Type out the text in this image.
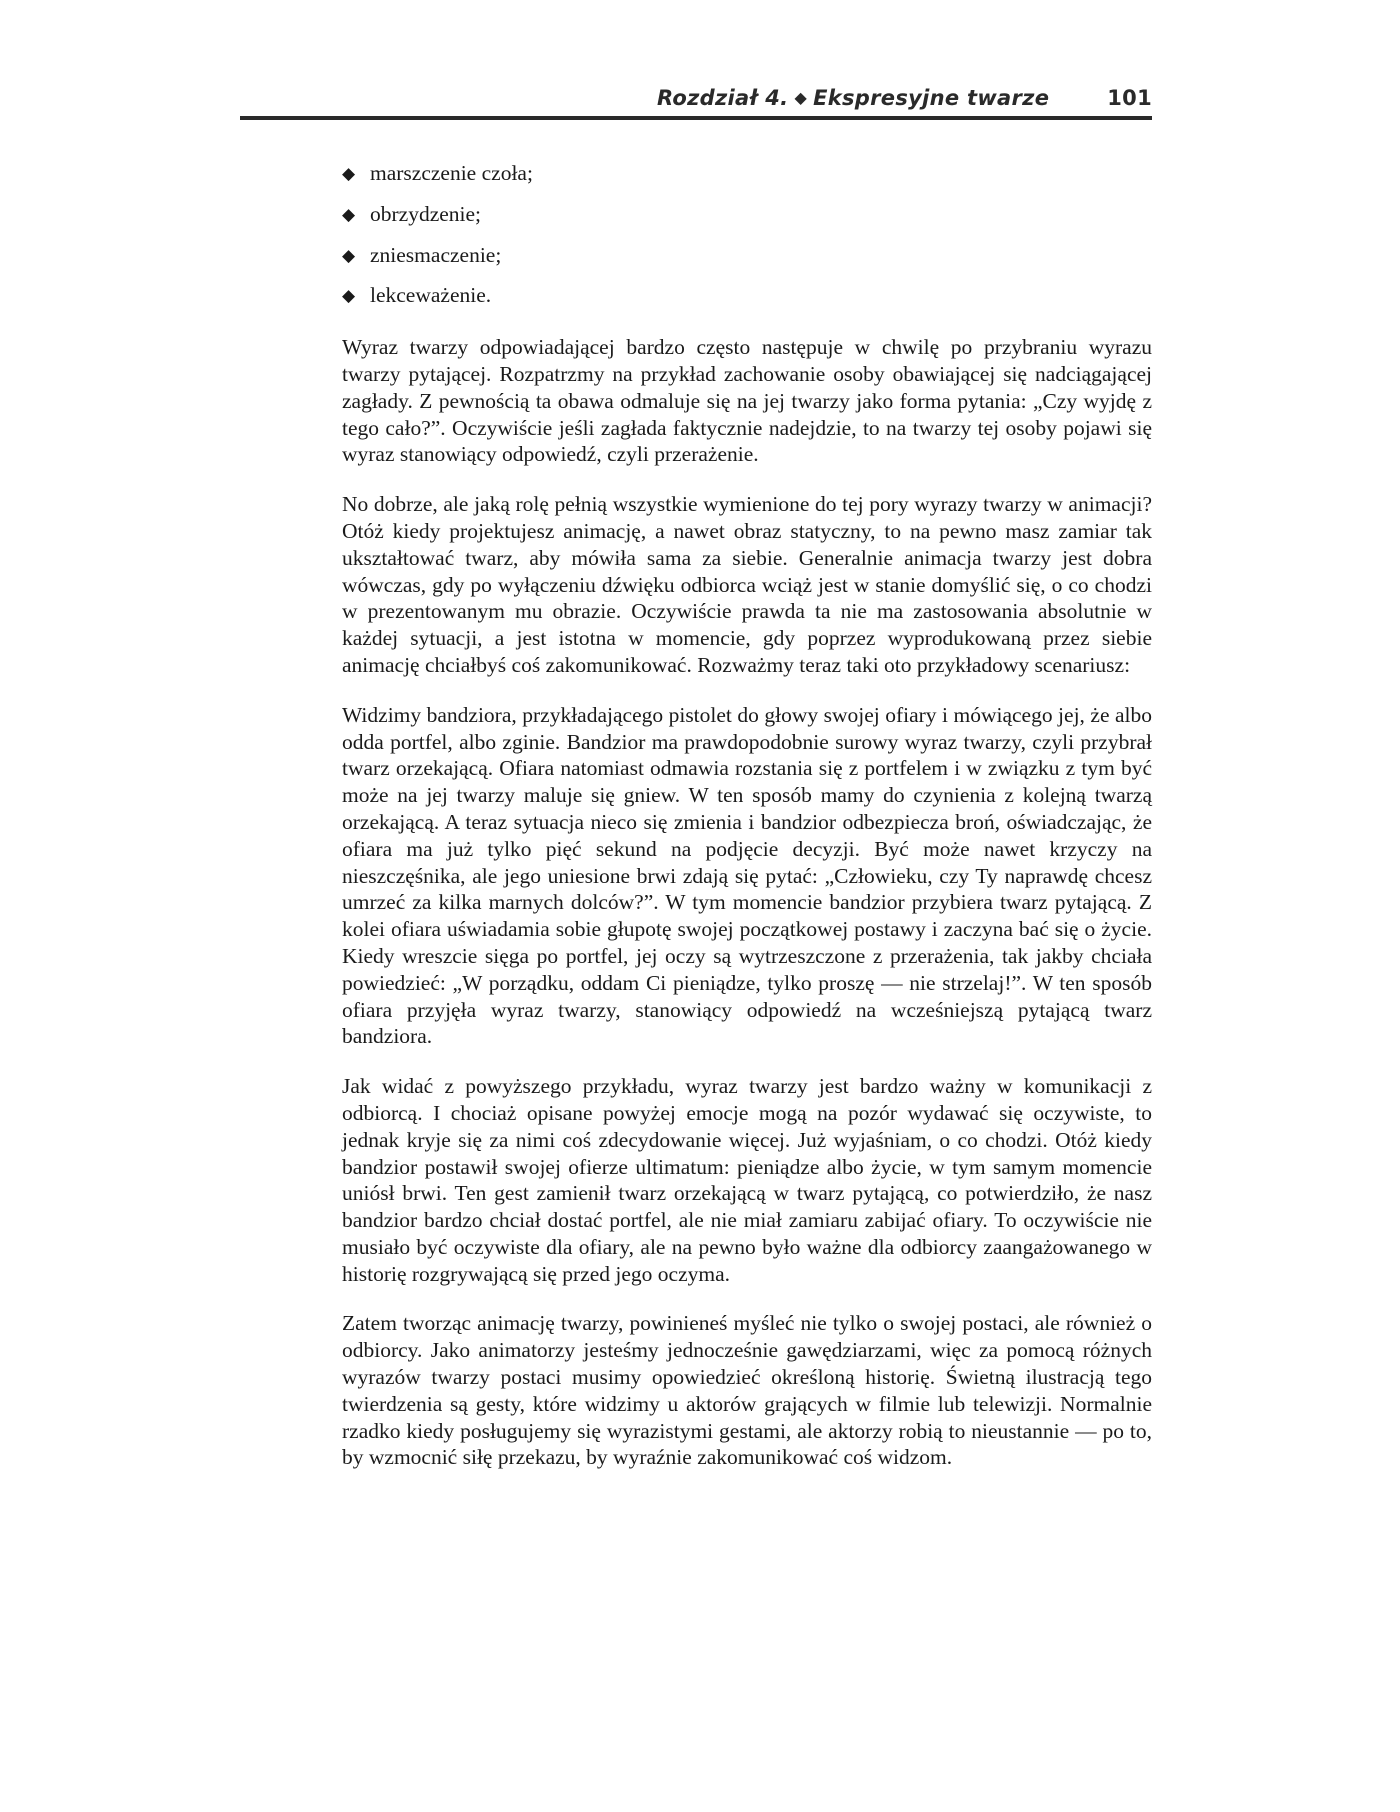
Rozdział 4. ◆ Ekspresyjne twarze	101
◆ marszczenie czoła;
◆ obrzydzenie;
◆ zniesmaczenie;
◆ lekceważenie.

Wyraz twarzy odpowiadającej bardzo często następuje w chwilę po przybraniu wyrazu twarzy pytającej. Rozpatrzmy na przykład zachowanie osoby obawiającej się nadciągającej zagłady. Z pewnością ta obawa odmaluje się na jej twarzy jako forma pytania: „Czy wyjdę z tego cało?”. Oczywiście jeśli zagłada faktycznie nadejdzie, to na twarzy tej osoby pojawi się wyraz stanowiący odpowiedź, czyli przerażenie.

No dobrze, ale jaką rolę pełnią wszystkie wymienione do tej pory wyrazy twarzy w animacji? Otóż kiedy projektujesz animację, a nawet obraz statyczny, to na pewno masz zamiar tak ukształtować twarz, aby mówiła sama za siebie. Generalnie animacja twarzy jest dobra wówczas, gdy po wyłączeniu dźwięku odbiorca wciąż jest w stanie domyślić się, o co chodzi w prezentowanym mu obrazie. Oczywiście prawda ta nie ma zastosowania absolutnie w każdej sytuacji, a jest istotna w momencie, gdy poprzez wyprodukowaną przez siebie animację chciałbyś coś zakomunikować. Rozważmy teraz taki oto przykładowy scenariusz:

Widzimy bandziora, przykładającego pistolet do głowy swojej ofiary i mówiącego jej, że albo odda portfel, albo zginie. Bandzior ma prawdopodobnie surowy wyraz twarzy, czyli przybrał twarz orzekającą. Ofiara natomiast odmawia rozstania się z portfelem i w związku z tym być może na jej twarzy maluje się gniew. W ten sposób mamy do czynienia z kolejną twarzą orzekającą. A teraz sytuacja nieco się zmienia i bandzior odbezpiecza broń, oświadczając, że ofiara ma już tylko pięć sekund na podjęcie decyzji. Być może nawet krzyczy na nieszczęśnika, ale jego uniesione brwi zdają się pytać: „Człowieku, czy Ty naprawdę chcesz umrzeć za kilka marnych dolców?”. W tym momencie bandzior przybiera twarz pytającą. Z kolei ofiara uświadamia sobie głupotę swojej początkowej postawy i zaczyna bać się o życie. Kiedy wreszcie sięga po portfel, jej oczy są wytrzeszczone z przerażenia, tak jakby chciała powiedzieć: „W porządku, oddam Ci pieniądze, tylko proszę — nie strzelaj!”. W ten sposób ofiara przyjęła wyraz twarzy, stanowiący odpowiedź na wcześniejszą pytającą twarz bandziora.

Jak widać z powyższego przykładu, wyraz twarzy jest bardzo ważny w komunikacji z odbiorcą. I chociaż opisane powyżej emocje mogą na pozór wydawać się oczywiste, to jednak kryje się za nimi coś zdecydowanie więcej. Już wyjaśniam, o co chodzi. Otóż kiedy bandzior postawił swojej ofierze ultimatum: pieniądze albo życie, w tym samym momencie uniósł brwi. Ten gest zamienił twarz orzekającą w twarz pytającą, co potwierdziło, że nasz bandzior bardzo chciał dostać portfel, ale nie miał zamiaru zabijać ofiary. To oczywiście nie musiało być oczywiste dla ofiary, ale na pewno było ważne dla odbiorcy zaangażowanego w historię rozgrywającą się przed jego oczyma.

Zatem tworząc animację twarzy, powinieneś myśleć nie tylko o swojej postaci, ale również o odbiorcy. Jako animatorzy jesteśmy jednocześnie gawędziarzami, więc za pomocą różnych wyrazów twarzy postaci musimy opowiedzieć określoną historię. Świetną ilustracją tego twierdzenia są gesty, które widzimy u aktorów grających w filmie lub telewizji. Normalnie rzadko kiedy posługujemy się wyrazistymi gestami, ale aktorzy robią to nieustannie — po to, by wzmocnić siłę przekazu, by wyraźnie zakomunikować coś widzom.
